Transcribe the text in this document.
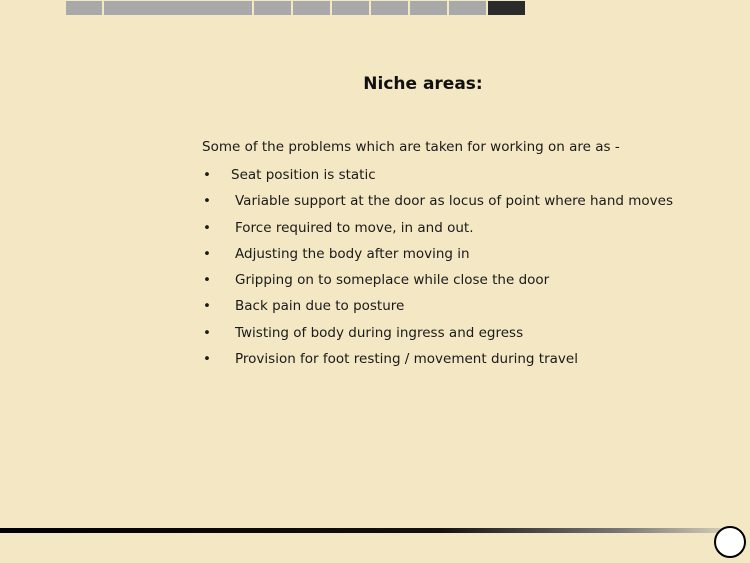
Niche areas:
Some of the problems which are taken for working on are as -
•	Seat position is static
•	Variable support at the door as locus of point where hand moves
•	Force required to move, in and out.
•	Adjusting the body after moving in
•	Gripping on to someplace while close the door
•	Back pain due to posture
•	Twisting of body during ingress and egress
•	Provision for foot resting / movement during travel
